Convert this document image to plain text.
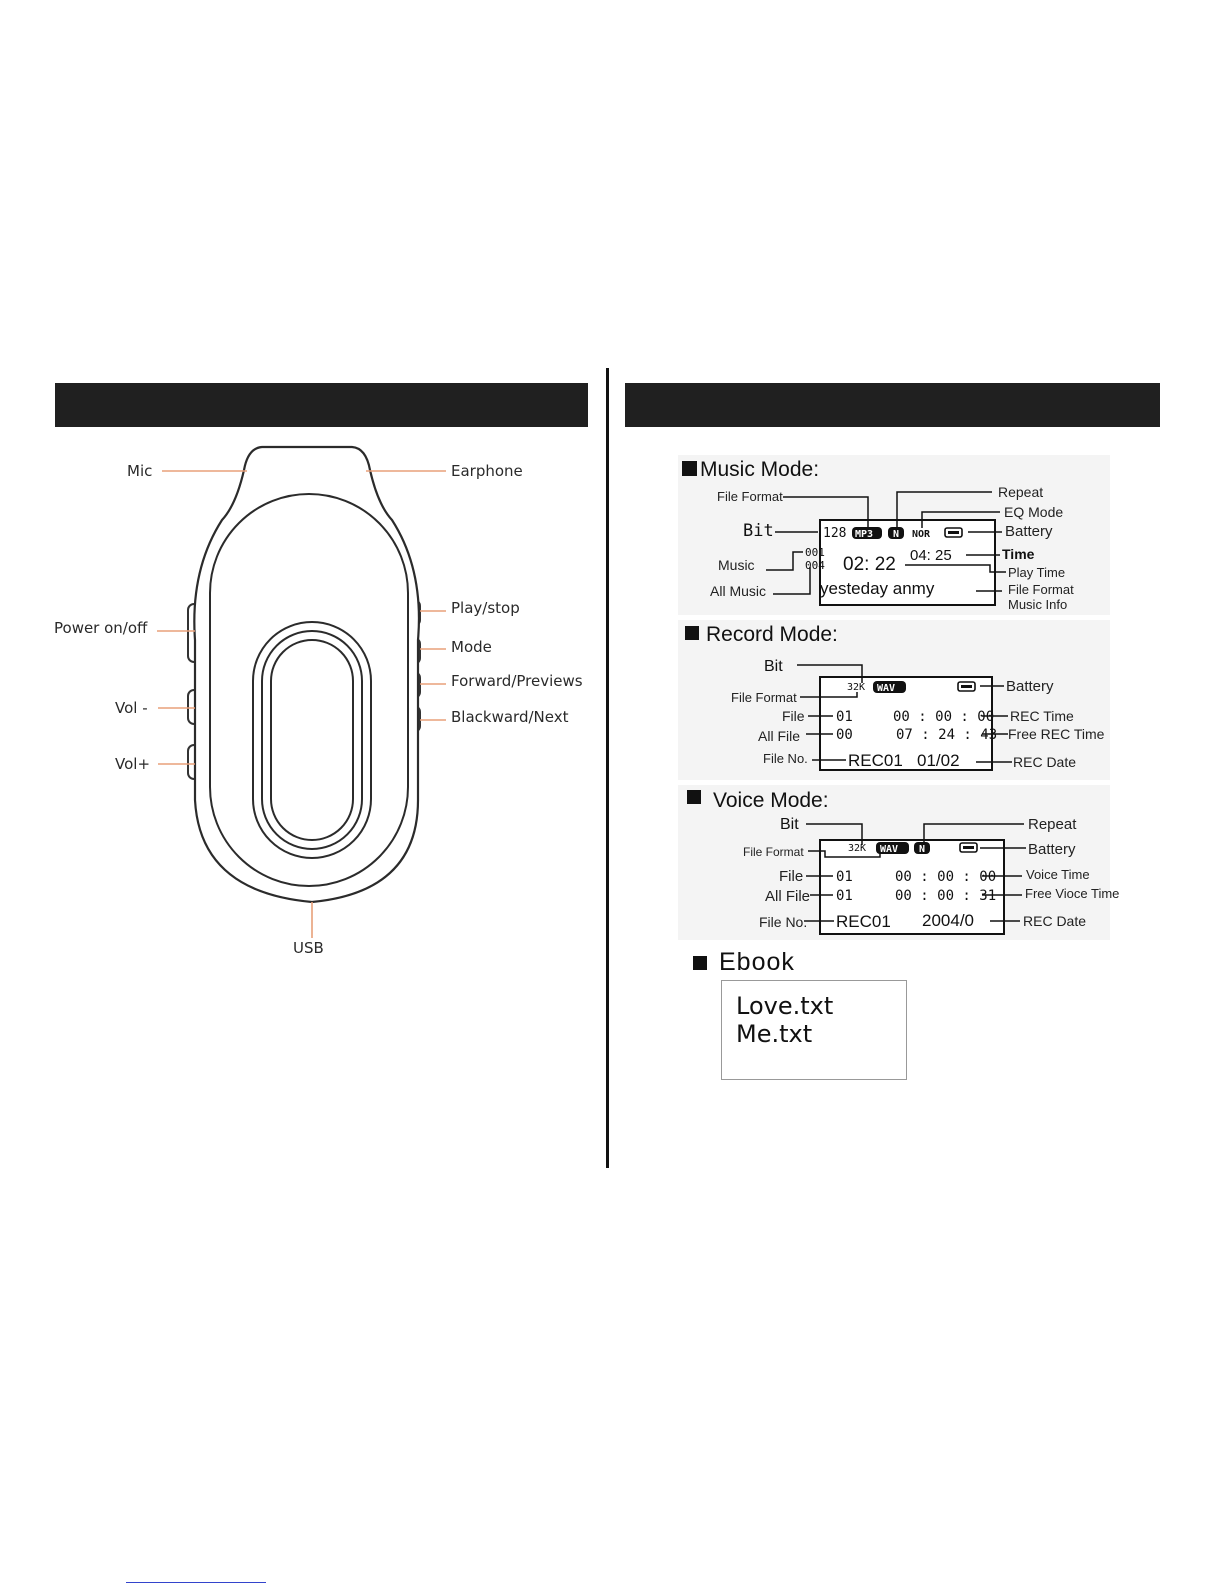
Mic	Earphone
Power on/off
Play/stop
Mode
Forward/Previews
Vol -	Blackward/Next
Vol+
USB
Music Mode:
File Format	Repeat
EQ Mode
Bit	Battery
Music
Time
Play Time
All Music	File Format
Music Info
128 MP3 N NOR
001
004 02: 22 04: 25
yesteday anmy
Record Mode:
Bit
File Format
Battery
File	REC Time
All File	Free REC Time
File No.	REC Date
32K WAV
01	00 : 00 : 00
00	07 : 24 : 43
REC01 01/02
Voice Mode:
Bit	Repeat
File Format	Battery
File	Voice Time
All File	Free Vioce Time
File No.	REC Date
32K WAV N
01	00 : 00 : 00
01	00 : 00 : 31
REC01 2004/0
Ebook
Love.txt
Me.txt
